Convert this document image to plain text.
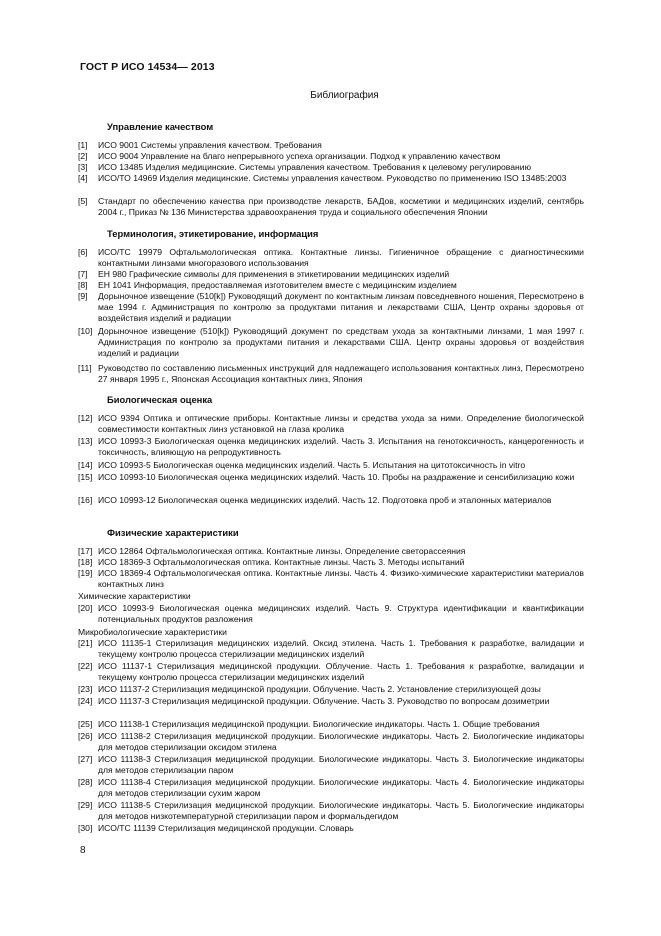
ГОСТ Р ИСО 14534— 2013
Библиография
Управление качеством
[1]	ИСО 9001 Системы управления качеством. Требования
[2]	ИСО 9004 Управление на благо непрерывного успеха организации. Подход к управлению качеством
[3]	ИСО 13485 Изделия медицинские. Системы управления качеством. Требования к целевому регулированию
[4]	ИСО/ТО 14969 Изделия медицинские. Системы управления качеством. Руководство по применению ISO 13485:2003
[5]	Стандарт по обеспечению качества при производстве лекарств, БАДов, косметики и медицинских изделий, сентябрь 2004 г., Приказ № 136 Министерства здравоохранения труда и социального обеспечения Японии
Терминология, этикетирование, информация
[6]	ИСО/ТС 19979 Офтальмологическая оптика. Контактные линзы. Гигиеничное обращение с диагностическими контактными линзами многоразового использования
[7]	ЕН 980 Графические символы для применения в этикетировании медицинских изделий
[8]	ЕН 1041 Информация, предоставляемая изготовителем вместе с медицинским изделием
[9]	Дорыночное извещение (510[k]) Руководящий документ по контактным линзам повседневного ношения, Пересмотрено в мае 1994 г. Администрация по контролю за продуктами питания и лекарствами США, Центр охраны здоровья от воздействия изделий и радиации
[10] Дорыночное извещение (510[k]) Руководящий документ по средствам ухода за контактными линзами, 1 мая 1997 г. Администрация по контролю за продуктами питания и лекарствами США. Центр охраны здоровья от воздействия изделий и радиации
[11] Руководство по составлению письменных инструкций для надлежащего использования контактных линз, Пересмотрено 27 января 1995 г., Японская Ассоциация контактных линз, Япония
Биологическая оценка
[12] ИСО 9394 Оптика и оптические приборы. Контактные линзы и средства ухода за ними. Определение биологической совместимости контактных линз установкой на глаза кролика
[13] ИСО 10993-3 Биологическая оценка медицинских изделий. Часть 3. Испытания на генотоксичность, канцерогенность и токсичность, влияющую на репродуктивность
[14] ИСО 10993-5 Биологическая оценка медицинских изделий. Часть 5. Испытания на цитотоксичность in vitro
[15] ИСО 10993-10 Биологическая оценка медицинских изделий. Часть 10. Пробы на раздражение и сенсибилизацию кожи
[16] ИСО 10993-12 Биологическая оценка медицинских изделий. Часть 12. Подготовка проб и эталонных материалов
Физические характеристики
[17] ИСО 12864 Офтальмологическая оптика. Контактные линзы. Определение светорассеяния
[18] ИСО 18369-3 Офтальмологическая оптика. Контактные линзы. Часть 3. Методы испытаний
[19] ИСО 18369-4 Офтальмологическая оптика. Контактные линзы. Часть 4. Физико-химические характеристики материалов контактных линз
Химические характеристики
[20] ИСО 10993-9 Биологическая оценка медицинских изделий. Часть 9. Структура идентификации и квантификации потенциальных продуктов разложения
Микробиологические характеристики
[21] ИСО 11135-1 Стерилизация медицинских изделий. Оксид этилена. Часть 1. Требования к разработке, валидации и текущему контролю процесса стерилизации медицинских изделий
[22] ИСО 11137-1 Стерилизация медицинской продукции. Облучение. Часть 1. Требования к разработке, валидации и текущему контролю процесса стерилизации медицинских изделий
[23] ИСО 11137-2 Стерилизация медицинской продукции. Облучение. Часть 2. Установление стерилизующей дозы
[24] ИСО 11137-3 Стерилизация медицинской продукции. Облучение. Часть 3. Руководство по вопросам дозиметрии
[25] ИСО 11138-1 Стерилизация медицинской продукции. Биологические индикаторы. Часть 1. Общие требования
[26] ИСО 11138-2 Стерилизация медицинской продукции. Биологические индикаторы. Часть 2. Биологические индикаторы для методов стерилизации оксидом этилена
[27] ИСО 11138-3 Стерилизация медицинской продукции. Биологические индикаторы. Часть 3. Биологические индикаторы для методов стерилизации паром
[28] ИСО 11138-4 Стерилизация медицинской продукции. Биологические индикаторы. Часть 4. Биологические индикаторы для методов стерилизации сухим жаром
[29] ИСО 11138-5 Стерилизация медицинской продукции. Биологические индикаторы. Часть 5. Биологические индикаторы для методов низкотемпературной стерилизации паром и формальдегидом
[30] ИСО/ТС 11139 Стерилизация медицинской продукции. Словарь
8
